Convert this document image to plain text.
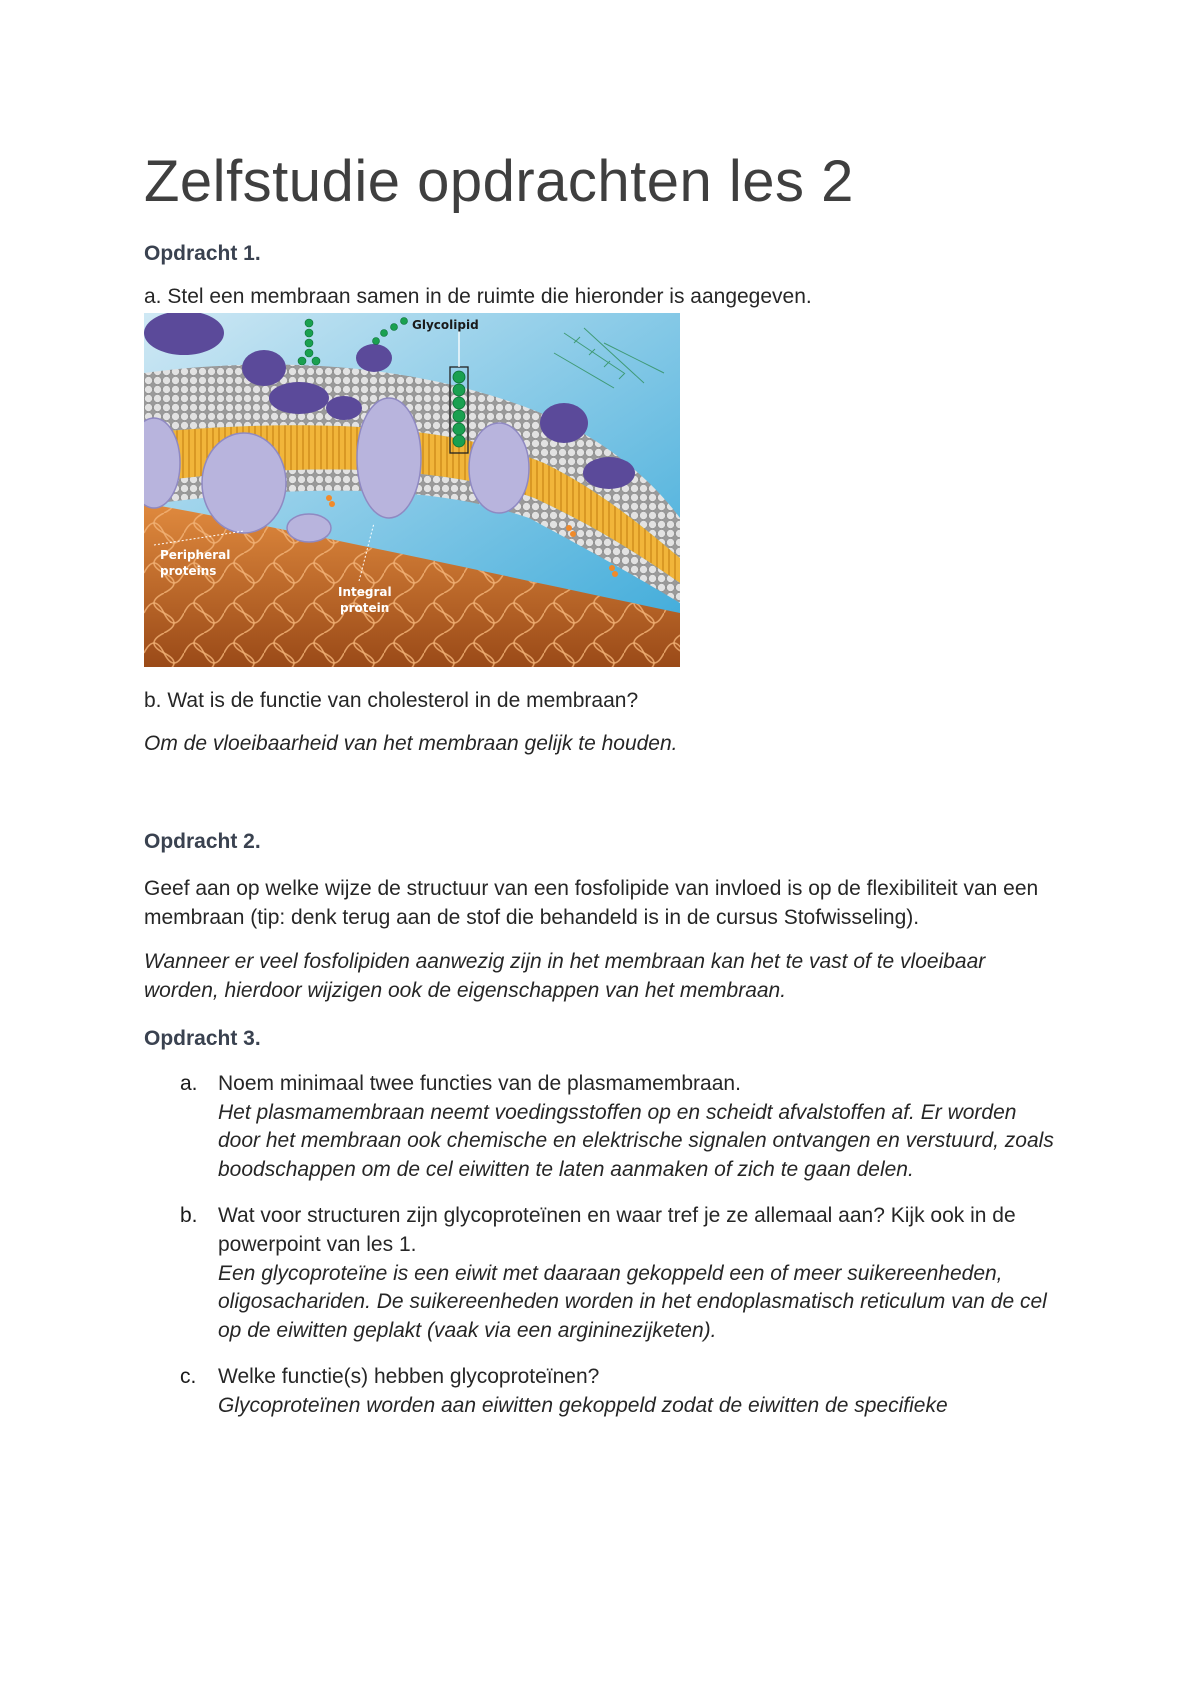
Zelfstudie opdrachten les 2

Opdracht 1.

a. Stel een membraan samen in de ruimte die hieronder is aangegeven.

Glycolipid
Peripheral
proteins
Integral
protein

b. Wat is de functie van cholesterol in de membraan?

Om de vloeibaarheid van het membraan gelijk te houden.

Opdracht 2.

Geef aan op welke wijze de structuur van een fosfolipide van invloed is op de flexibiliteit van een membraan (tip: denk terug aan de stof die behandeld is in de cursus Stofwisseling).

Wanneer er veel fosfolipiden aanwezig zijn in het membraan kan het te vast of te vloeibaar worden, hierdoor wijzigen ook de eigenschappen van het membraan.

Opdracht 3.

a. Noem minimaal twee functies van de plasmamembraan.

Het plasmamembraan neemt voedingsstoffen op en scheidt afvalstoffen af. Er worden door het membraan ook chemische en elektrische signalen ontvangen en verstuurd, zoals boodschappen om de cel eiwitten te laten aanmaken of zich te gaan delen.

b. Wat voor structuren zijn glycoproteïnen en waar tref je ze allemaal aan? Kijk ook in de powerpoint van les 1.

Een glycoproteïne is een eiwit met daaraan gekoppeld een of meer suikereenheden, oligosachariden. De suikereenheden worden in het endoplasmatisch reticulum van de cel op de eiwitten geplakt (vaak via een argininezijketen).

c. Welke functie(s) hebben glycoproteïnen?

Glycoproteïnen worden aan eiwitten gekoppeld zodat de eiwitten de specifieke
